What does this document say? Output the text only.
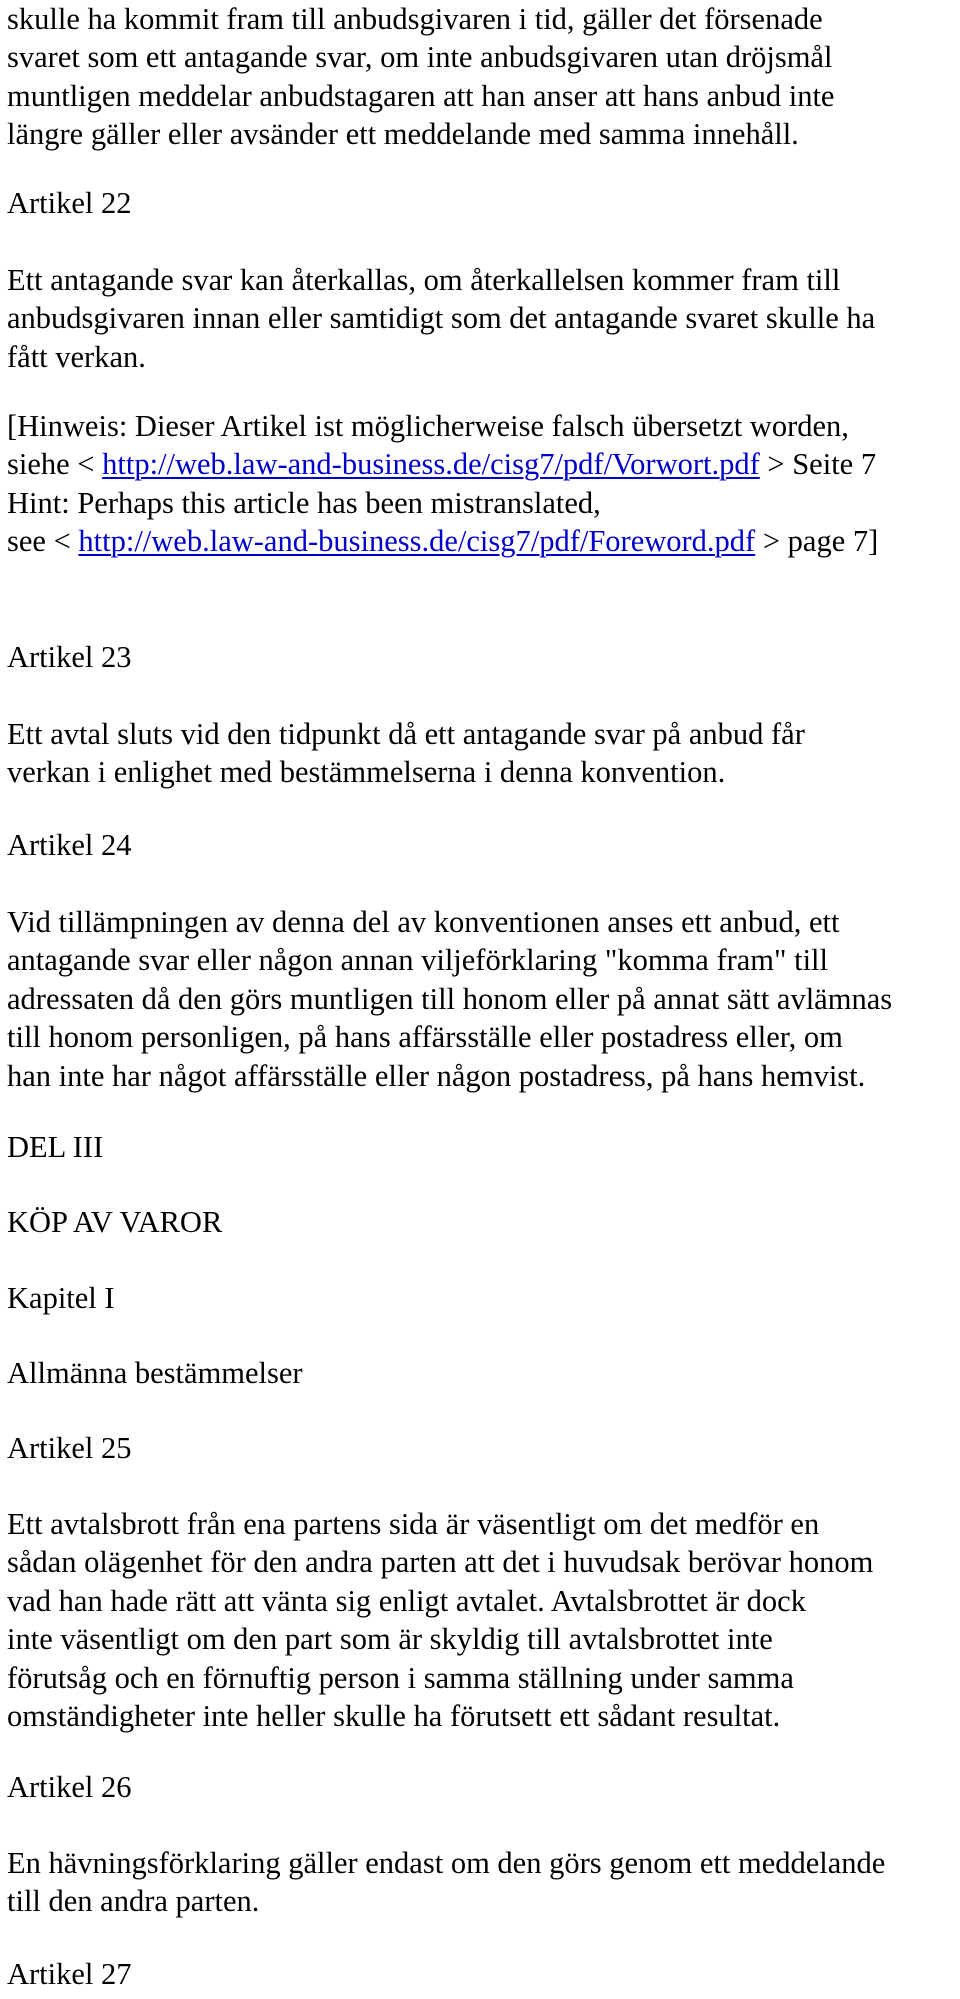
skulle ha kommit fram till anbudsgivaren i tid, gäller det försenade
svaret som ett antagande svar, om inte anbudsgivaren utan dröjsmål
muntligen meddelar anbudstagaren att han anser att hans anbud inte
längre gäller eller avsänder ett meddelande med samma innehåll.

Artikel 22

Ett antagande svar kan återkallas, om återkallelsen kommer fram till
anbudsgivaren innan eller samtidigt som det antagande svaret skulle ha
fått verkan.

[Hinweis: Dieser Artikel ist möglicherweise falsch übersetzt worden,
siehe < http://web.law-and-business.de/cisg7/pdf/Vorwort.pdf > Seite 7
Hint: Perhaps this article has been mistranslated,
see < http://web.law-and-business.de/cisg7/pdf/Foreword.pdf > page 7]

Artikel 23

Ett avtal sluts vid den tidpunkt då ett antagande svar på anbud får
verkan i enlighet med bestämmelserna i denna konvention.

Artikel 24

Vid tillämpningen av denna del av konventionen anses ett anbud, ett
antagande svar eller någon annan viljeförklaring "komma fram" till
adressaten då den görs muntligen till honom eller på annat sätt avlämnas
till honom personligen, på hans affärsställe eller postadress eller, om
han inte har något affärsställe eller någon postadress, på hans hemvist.

DEL III

KÖP AV VAROR

Kapitel I

Allmänna bestämmelser

Artikel 25

Ett avtalsbrott från ena partens sida är väsentligt om det medför en
sådan olägenhet för den andra parten att det i huvudsak berövar honom
vad han hade rätt att vänta sig enligt avtalet. Avtalsbrottet är dock
inte väsentligt om den part som är skyldig till avtalsbrottet inte
förutsåg och en förnuftig person i samma ställning under samma
omständigheter inte heller skulle ha förutsett ett sådant resultat.

Artikel 26

En hävningsförklaring gäller endast om den görs genom ett meddelande
till den andra parten.

Artikel 27
